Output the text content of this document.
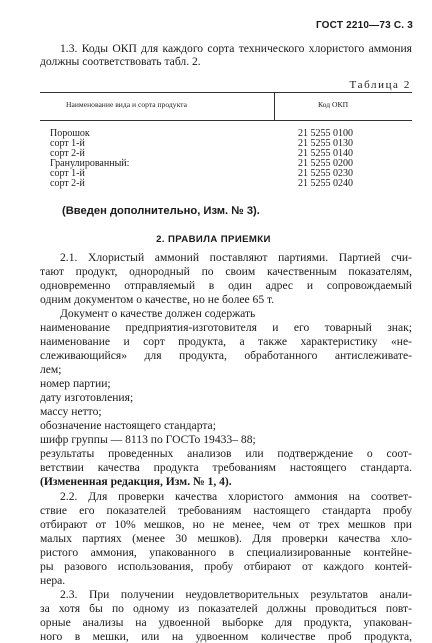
ГОСТ 2210—73 С. 3

1.3. Коды ОКП для каждого сорта технического хлористого аммония должны соответствовать табл. 2.

Таблица 2
Наименование вида и сорта продукта	Код ОКП
Порошок
сорт 1-й
сорт 2-й
Гранулированный:
сорт 1-й
сорт 2-й
21 5255 0100
21 5255 0130
21 5255 0140
21 5255 0200
21 5255 0230
21 5255 0240
(Введен дополнительно, Изм. № 3).
2. ПРАВИЛА ПРИЕМКИ
2.1. Хлористый аммоний поставляют партиями. Партией счи-
тают продукт, однородный по своим качественным показателям,
одновременно отправляемый в один адрес и сопровождаемый
одним документом о качестве, но не более 65 т.
Документ о качестве должен содержать
наименование предприятия-изготовителя и его товарный знак;
наименование и сорт продукта, а также характеристику «не-
слеживающийся» для продукта, обработанного антислеживате-
лем;
номер партии;
дату изготовления;
массу нетто;
обозначение настоящего стандарта;
шифр группы — 8113 по ГОСТо 19433– 88;
результаты проведенных анализов или подтверждение о соот-
ветствии качества продукта требованиям настоящего стандарта.
(Измененная редакция, Изм. № 1, 4).
2.2. Для проверки качества хлористого аммония на соответ-
ствие его показателей требованиям настоящего стандарта пробу
отбирают от 10% мешков, но не менее, чем от трех мешков при
малых партиях (менее 30 мешков). Для проверки качества хло-
ристого аммония, упакованного в специализированные контейне-
ры разового использования, пробу отбирают от каждого контей-
нера.
2.3. При получении неудовлетворительных результатов анали-
за хотя бы по одному из показателей должны проводиться повт-
орные анализы на удвоенной выборке для продукта, упакован-
ного в мешки, или на удвоенном количестве проб продукта,
